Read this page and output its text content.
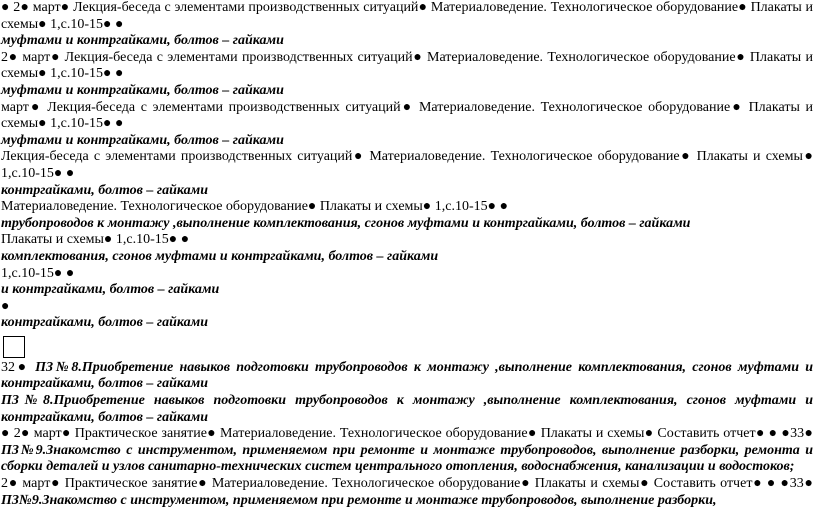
● 2● март● Лекция-беседа с элементами производственных ситуаций● Материаловедение. Технологическое оборудование● Плакаты и схемы● 1,с.10-15● ●

муфтами и контргайками, болтов – гайками

2● март● Лекция-беседа с элементами производственных ситуаций● Материаловедение. Технологическое оборудование● Плакаты и схемы● 1,с.10-15● ●

муфтами и контргайками, болтов – гайками

март● Лекция-беседа с элементами производственных ситуаций● Материаловедение. Технологическое оборудование● Плакаты и схемы● 1,с.10-15● ●

муфтами и контргайками, болтов – гайками

Лекция-беседа с элементами производственных ситуаций● Материаловедение. Технологическое оборудование● Плакаты и схемы● 1,с.10-15● ●

контргайками, болтов – гайками

Материаловедение. Технологическое оборудование● Плакаты и схемы● 1,с.10-15● ●

трубопроводов к монтажу ,выполнение комплектования, сгонов муфтами и контргайками, болтов – гайками

Плакаты и схемы● 1,с.10-15● ●

комплектования, сгонов муфтами и контргайками, болтов – гайками

1,с.10-15● ●

и контргайками, болтов – гайками

●

контргайками, болтов – гайками

32● ПЗ№8.Приобретение навыков подготовки трубопроводов к монтажу ,выполнение комплектования, сгонов муфтами и контргайками, болтов – гайками

ПЗ№8.Приобретение навыков подготовки трубопроводов к монтажу ,выполнение комплектования, сгонов муфтами и контргайками, болтов – гайками

● 2● март● Практическое занятие● Материаловедение. Технологическое оборудование● Плакаты и схемы● Составить отчет● ● ●33● ПЗ№9.Знакомство с инструментом, применяемом при ремонте и монтаже трубопроводов, выполнение разборки, ремонта и сборки деталей и узлов санитарно-технических систем центрального отопления, водоснабжения, канализации и водостоков;

2● март● Практическое занятие● Материаловедение. Технологическое оборудование● Плакаты и схемы● Составить отчет● ● ●33● ПЗ№9.Знакомство с инструментом, применяемом при ремонте и монтаже трубопроводов, выполнение разборки,
